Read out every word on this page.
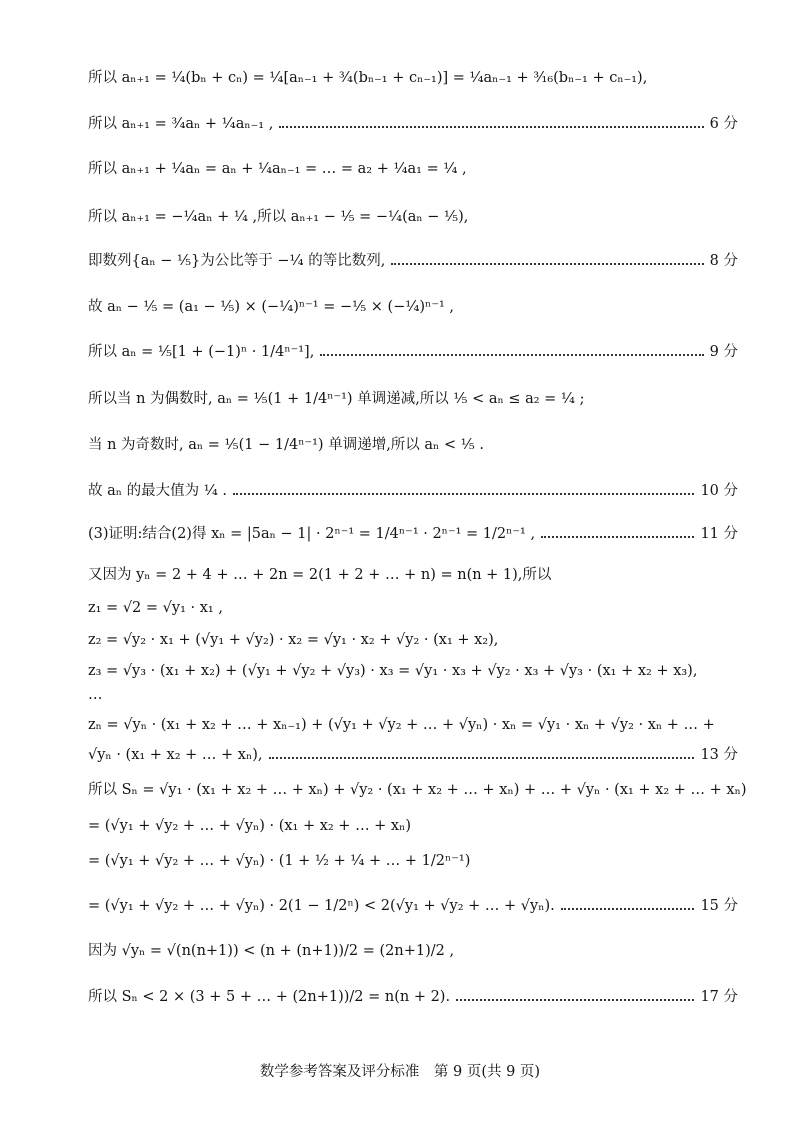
所以 aₙ₊₁ = ¹⁄₄(bₙ + cₙ) = ¹⁄₄[aₙ₋₁ + ³⁄₄(bₙ₋₁ + cₙ₋₁)] = ¹⁄₄aₙ₋₁ + ³⁄₁₆(bₙ₋₁ + cₙ₋₁),
所以 aₙ₊₁ = ³⁄₄aₙ + ¹⁄₄aₙ₋₁ ,	6 分
所以 aₙ₊₁ + ¹⁄₄aₙ = aₙ + ¹⁄₄aₙ₋₁ = … = a₂ + ¹⁄₄a₁ = ¹⁄₄ ,
所以 aₙ₊₁ = −¹⁄₄aₙ + ¹⁄₄ ,所以 aₙ₊₁ − ¹⁄₅ = −¹⁄₄(aₙ − ¹⁄₅),
即数列{aₙ − ¹⁄₅}为公比等于 −¹⁄₄ 的等比数列,	8 分
故 aₙ − ¹⁄₅ = (a₁ − ¹⁄₅) × (−¹⁄₄)ⁿ⁻¹ = −¹⁄₅ × (−¹⁄₄)ⁿ⁻¹ ,
所以 aₙ = ¹⁄₅[1 + (−1)ⁿ · 1/4ⁿ⁻¹],	9 分
所以当 n 为偶数时, aₙ = ¹⁄₅(1 + 1/4ⁿ⁻¹) 单调递减,所以 ¹⁄₅ < aₙ ≤ a₂ = ¹⁄₄ ;
当 n 为奇数时, aₙ = ¹⁄₅(1 − 1/4ⁿ⁻¹) 单调递增,所以 aₙ < ¹⁄₅ .
故 aₙ 的最大值为 ¹⁄₄ .	10 分
(3)证明:结合(2)得 xₙ = |5aₙ − 1| · 2ⁿ⁻¹ = 1/4ⁿ⁻¹ · 2ⁿ⁻¹ = 1/2ⁿ⁻¹ ,	11 分
又因为 yₙ = 2 + 4 + … + 2n = 2(1 + 2 + … + n) = n(n + 1),所以
z₁ = √2 = √y₁ · x₁ ,
z₂ = √y₂ · x₁ + (√y₁ + √y₂) · x₂ = √y₁ · x₂ + √y₂ · (x₁ + x₂),
z₃ = √y₃ · (x₁ + x₂) + (√y₁ + √y₂ + √y₃) · x₃ = √y₁ · x₃ + √y₂ · x₃ + √y₃ · (x₁ + x₂ + x₃),
…
zₙ = √yₙ · (x₁ + x₂ + … + xₙ₋₁) + (√y₁ + √y₂ + … + √yₙ) · xₙ = √y₁ · xₙ + √y₂ · xₙ + … +
√yₙ · (x₁ + x₂ + … + xₙ),	13 分
所以 Sₙ = √y₁ · (x₁ + x₂ + … + xₙ) + √y₂ · (x₁ + x₂ + … + xₙ) + … + √yₙ · (x₁ + x₂ + … + xₙ)
= (√y₁ + √y₂ + … + √yₙ) · (x₁ + x₂ + … + xₙ)
= (√y₁ + √y₂ + … + √yₙ) · (1 + ¹⁄₂ + ¹⁄₄ + … + 1/2ⁿ⁻¹)
= (√y₁ + √y₂ + … + √yₙ) · 2(1 − 1/2ⁿ) < 2(√y₁ + √y₂ + … + √yₙ).	15 分
因为 √yₙ = √(n(n+1)) < (n + (n+1))/2 = (2n+1)/2 ,
所以 Sₙ < 2 × (3 + 5 + … + (2n+1))/2 = n(n + 2).	17 分
数学参考答案及评分标准　第 9 页(共 9 页)
